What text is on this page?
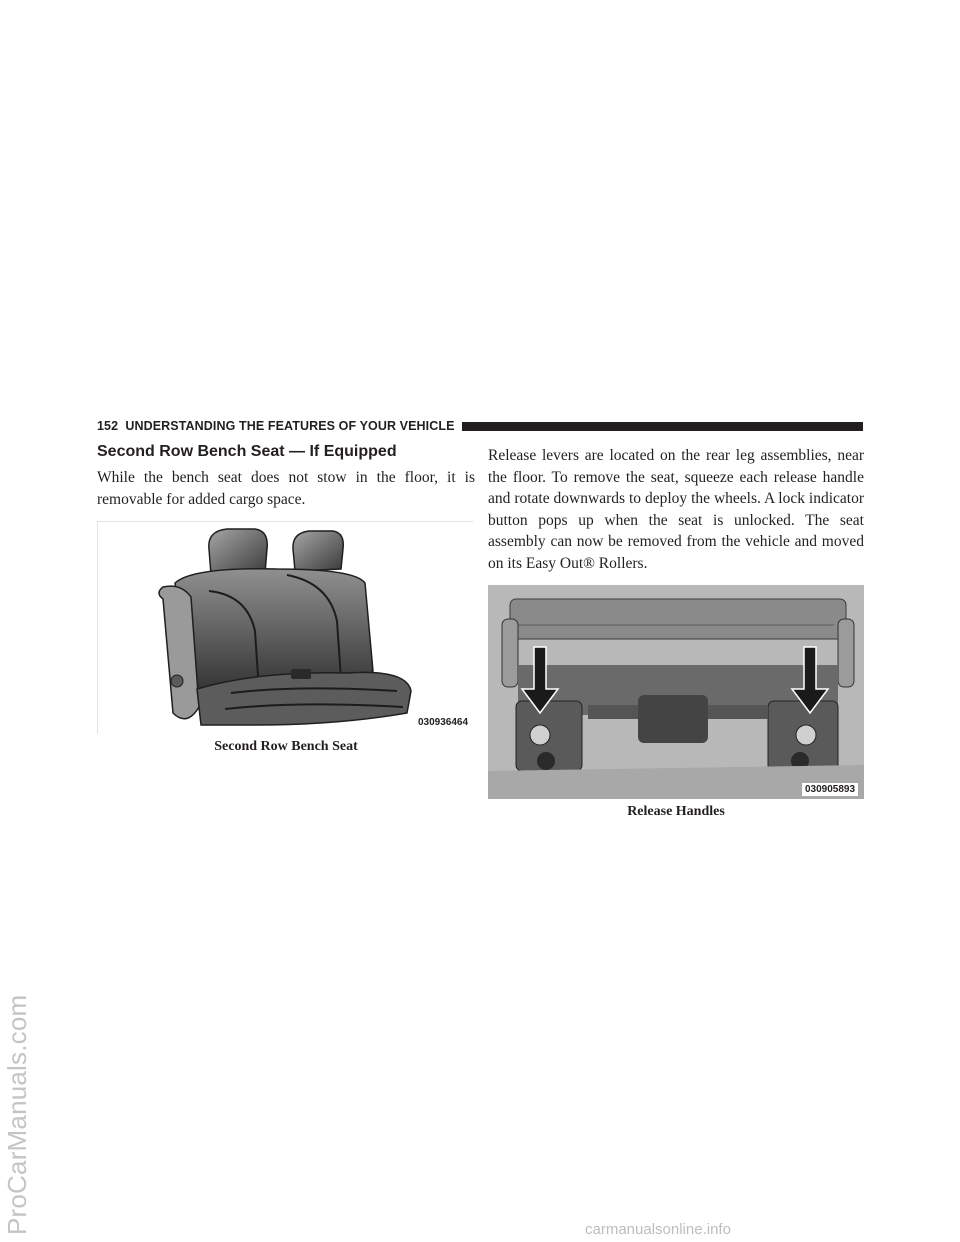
ProCarManuals.com	carmanualsonline.info
152 UNDERSTANDING THE FEATURES OF YOUR VEHICLE
Second Row Bench Seat — If Equipped

While the bench seat does not stow in the floor, it is removable for added cargo space.

030936464
Second Row Bench Seat

Release levers are located on the rear leg assemblies, near the floor. To remove the seat, squeeze each release handle and rotate downwards to deploy the wheels. A lock indicator button pops up when the seat is unlocked. The seat assembly can now be removed from the vehicle and moved on its Easy Out® Rollers.

030905893
Release Handles
